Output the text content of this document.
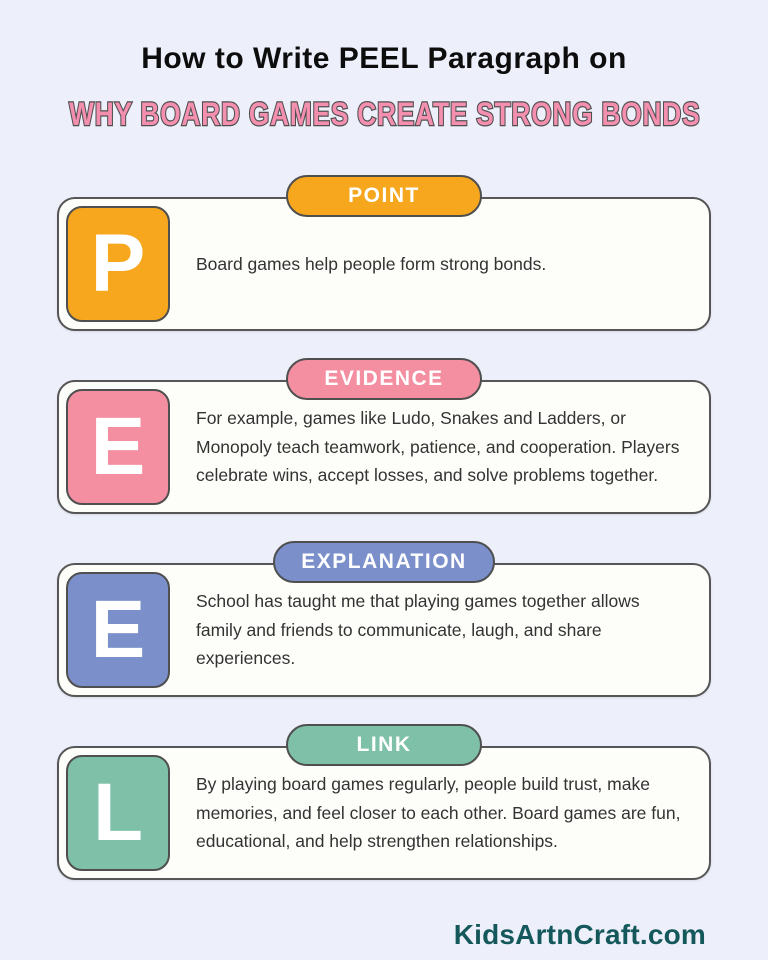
How to Write PEEL Paragraph on
WHY BOARD GAMES CREATE STRONG BONDS
POINT
P	Board games help people form strong bonds.

EVIDENCE
E	For example, games like Ludo, Snakes and Ladders, or Monopoly teach teamwork, patience, and cooperation. Players celebrate wins, accept losses, and solve problems together.

EXPLANATION
E	School has taught me that playing games together allows family and friends to communicate, laugh, and share experiences.

LINK
L	By playing board games regularly, people build trust, make memories, and feel closer to each other. Board games are fun, educational, and help strengthen relationships.

KidsArtnCraft.com
